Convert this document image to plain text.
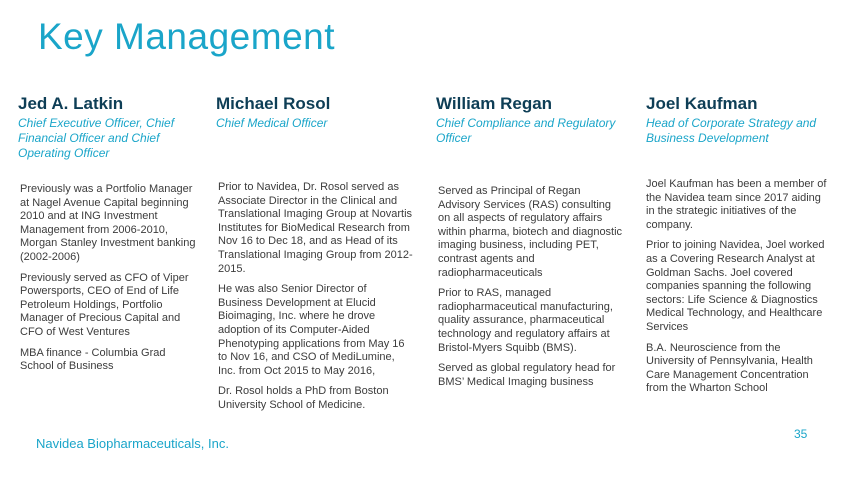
Key Management

Jed A. Latkin

Chief Executive Officer, Chief Financial Officer and Chief Operating Officer

Previously was a Portfolio Manager at Nagel Avenue Capital beginning 2010 and at ING Investment Management from 2006-2010, Morgan Stanley Investment banking (2002-2006)

Previously served as CFO of Viper Powersports, CEO of End of Life Petroleum Holdings, Portfolio Manager of Precious Capital and CFO of West Ventures

MBA finance - Columbia Grad School of Business

Michael Rosol

Chief Medical Officer

Prior to Navidea, Dr. Rosol served as Associate Director in the Clinical and Translational Imaging Group at Novartis Institutes for BioMedical Research from Nov 16 to Dec 18, and as Head of its Translational Imaging Group from 2012-2015.

He was also Senior Director of Business Development at Elucid Bioimaging, Inc. where he drove adoption of its Computer-Aided Phenotyping applications from May 16 to Nov 16, and CSO of MediLumine, Inc. from Oct 2015 to May 2016,

Dr. Rosol holds a PhD from Boston University School of Medicine.

William Regan

Chief Compliance and Regulatory Officer

Served as Principal of Regan Advisory Services (RAS) consulting on all aspects of regulatory affairs within pharma, biotech and diagnostic imaging business, including PET, contrast agents and radiopharmaceuticals

Prior to RAS, managed radiopharmaceutical manufacturing, quality assurance, pharmaceutical technology and regulatory affairs at Bristol-Myers Squibb (BMS).

Served as global regulatory head for BMS’ Medical Imaging business

Joel Kaufman

Head of Corporate Strategy and Business Development

Joel Kaufman has been a member of the Navidea team since 2017 aiding in the strategic initiatives of the company.

Prior to joining Navidea, Joel worked as a Covering Research Analyst at Goldman Sachs. Joel covered companies spanning the following sectors: Life Science & Diagnostics Medical Technology, and Healthcare Services

B.A. Neuroscience from the University of Pennsylvania, Health Care Management Concentration from the Wharton School

35
Navidea Biopharmaceuticals, Inc.
